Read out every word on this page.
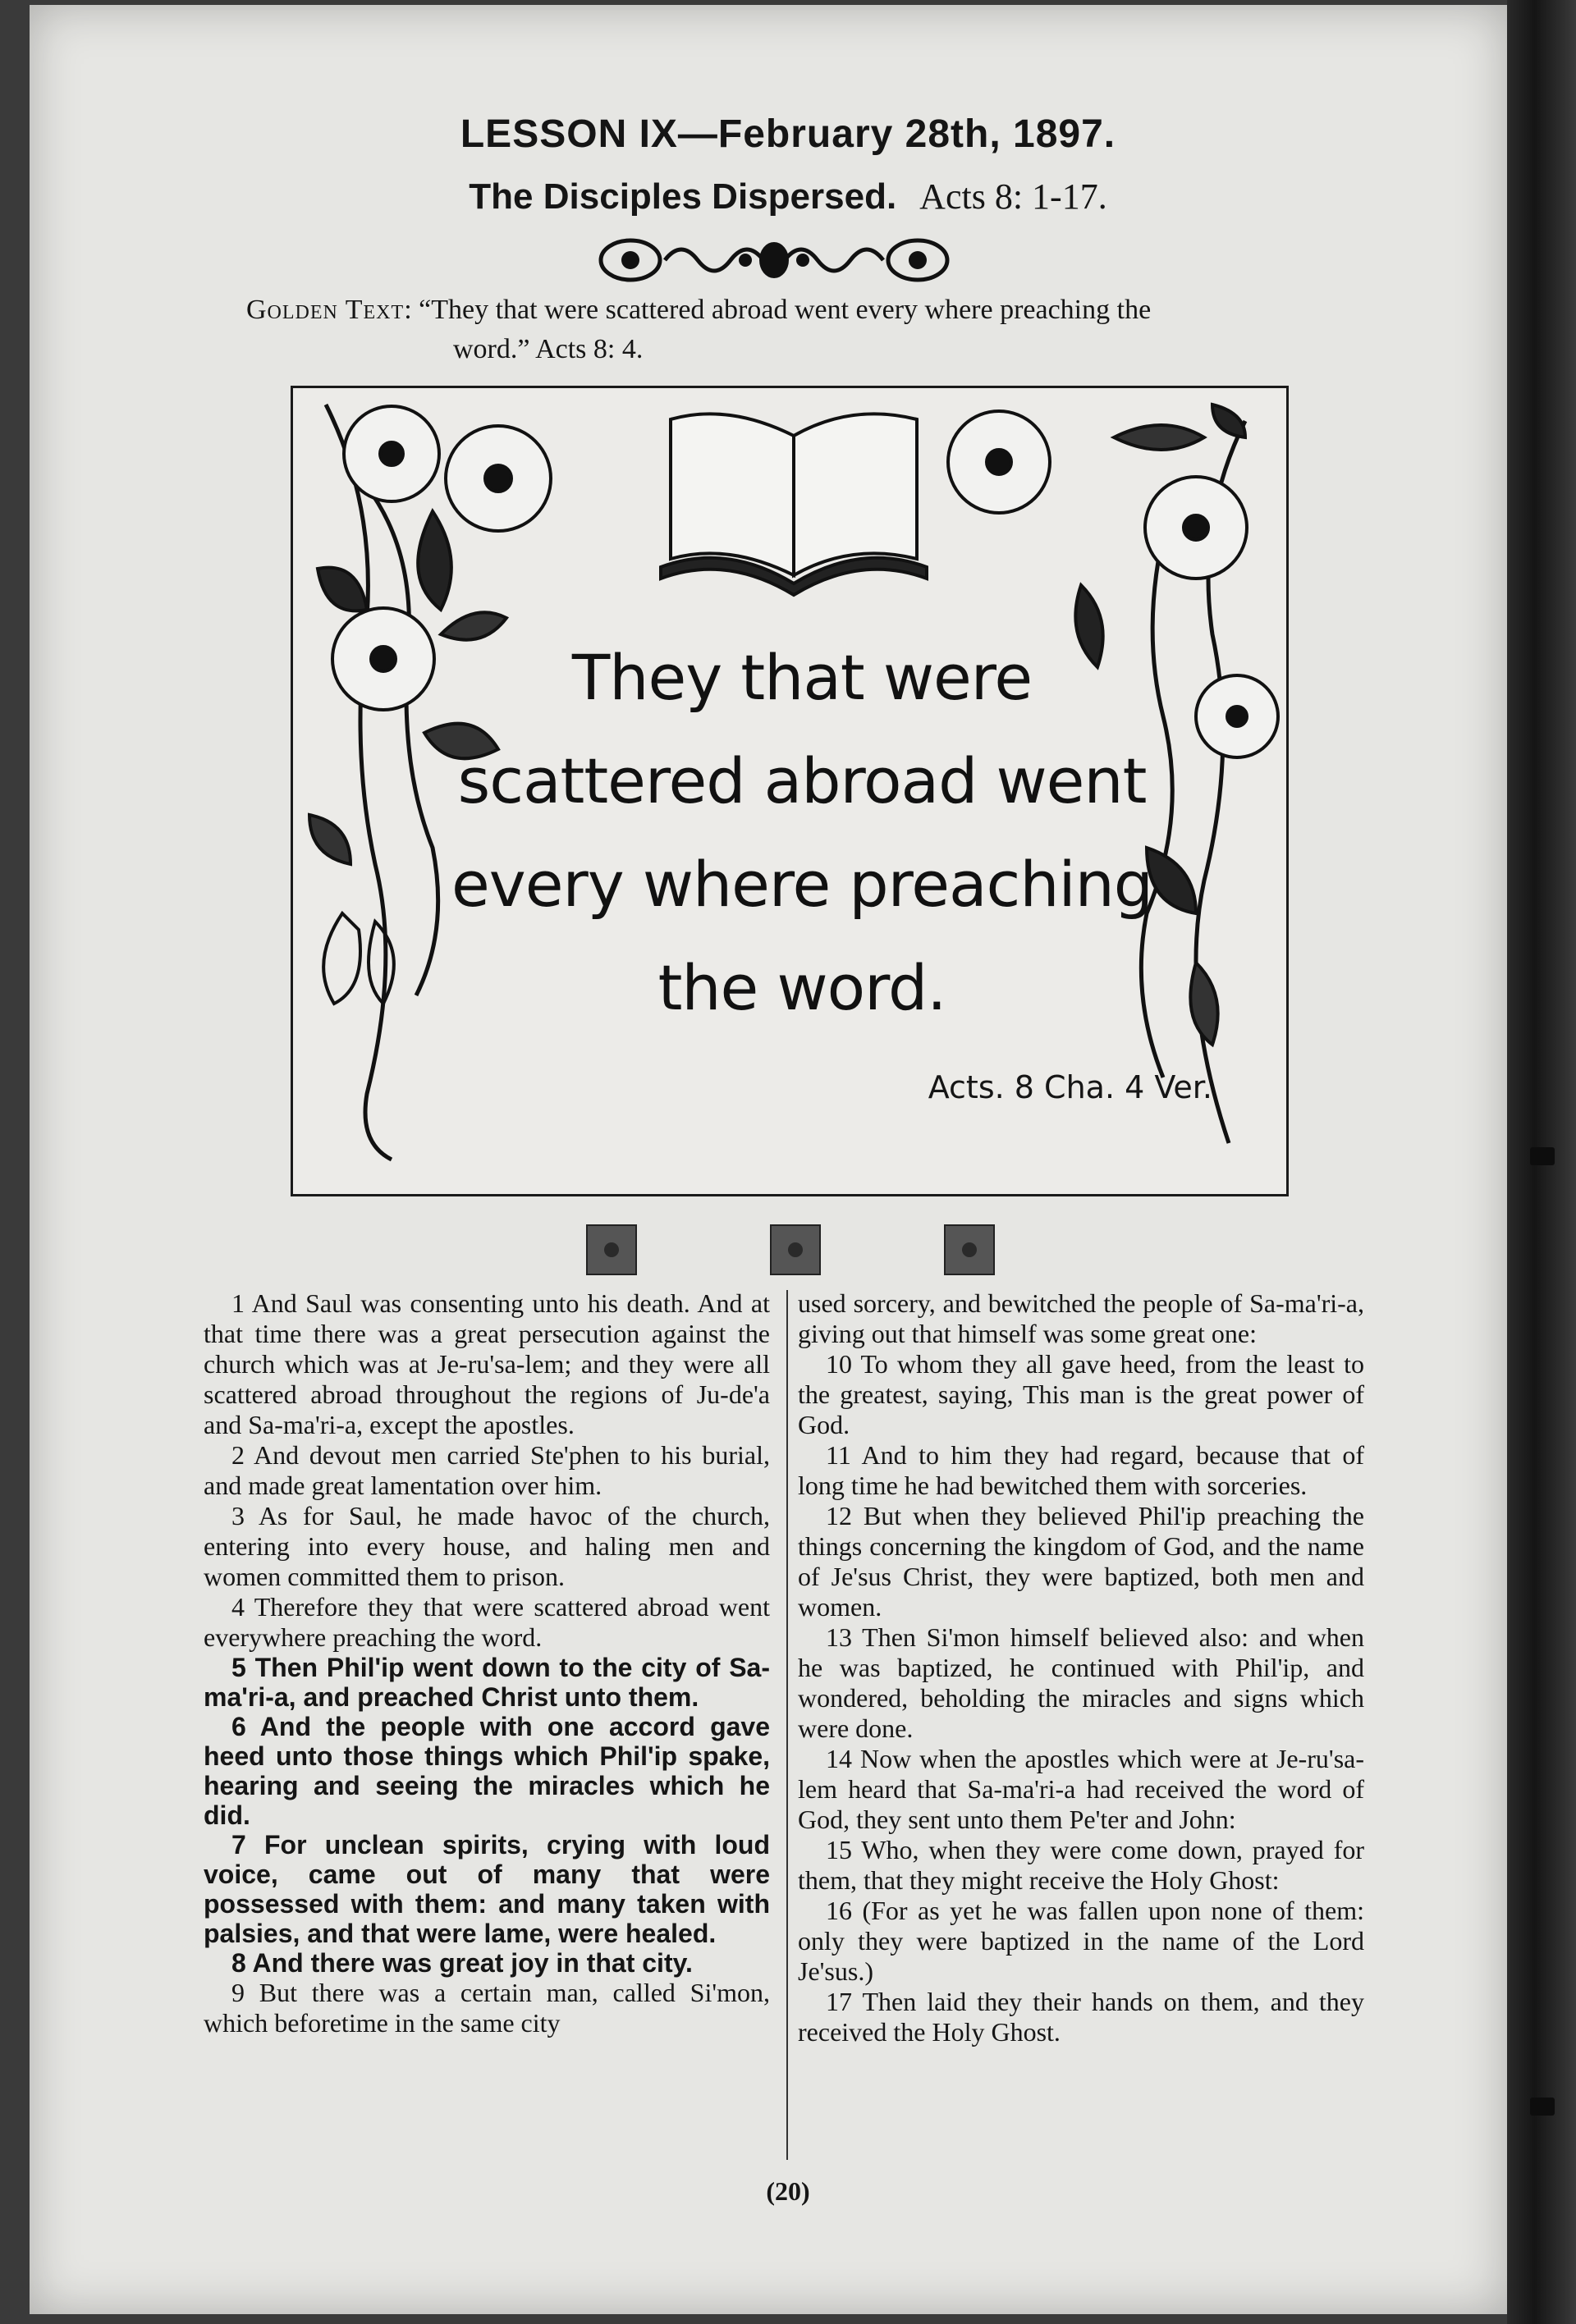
LESSON IX—February 28th, 1897.
The Disciples Dispersed. Acts 8: 1-17.
Golden Text: “They that were scattered abroad went every where preaching the
word.” Acts 8: 4.
They that were
scattered abroad went
every where preaching
the word.
Acts. 8 Cha. 4 Ver.

1 And Saul was consenting unto his death. And at that time there was a great persecution against the church which was at Je-ru'sa-lem; and they were all scattered abroad throughout the regions of Ju-de'a and Sa-ma'ri-a, except the apostles.

2 And devout men carried Ste'phen to his burial, and made great lamentation over him.

3 As for Saul, he made havoc of the church, entering into every house, and haling men and women committed them to prison.

4 Therefore they that were scattered abroad went everywhere preaching the word.

5 Then Phil'ip went down to the city of Sa-ma'ri-a, and preached Christ unto them.

6 And the people with one accord gave heed unto those things which Phil'ip spake, hearing and seeing the miracles which he did.

7 For unclean spirits, crying with loud voice, came out of many that were possessed with them: and many taken with palsies, and that were lame, were healed.

8 And there was great joy in that city.

9 But there was a certain man, called Si'mon, which beforetime in the same city

used sorcery, and bewitched the people of Sa-ma'ri-a, giving out that himself was some great one:

10 To whom they all gave heed, from the least to the greatest, saying, This man is the great power of God.

11 And to him they had regard, because that of long time he had bewitched them with sorceries.

12 But when they believed Phil'ip preaching the things concerning the kingdom of God, and the name of Je'sus Christ, they were baptized, both men and women.

13 Then Si'mon himself believed also: and when he was baptized, he continued with Phil'ip, and wondered, beholding the miracles and signs which were done.

14 Now when the apostles which were at Je-ru'sa-lem heard that Sa-ma'ri-a had received the word of God, they sent unto them Pe'ter and John:

15 Who, when they were come down, prayed for them, that they might receive the Holy Ghost:

16 (For as yet he was fallen upon none of them: only they were baptized in the name of the Lord Je'sus.)

17 Then laid they their hands on them, and they received the Holy Ghost.

(20)
